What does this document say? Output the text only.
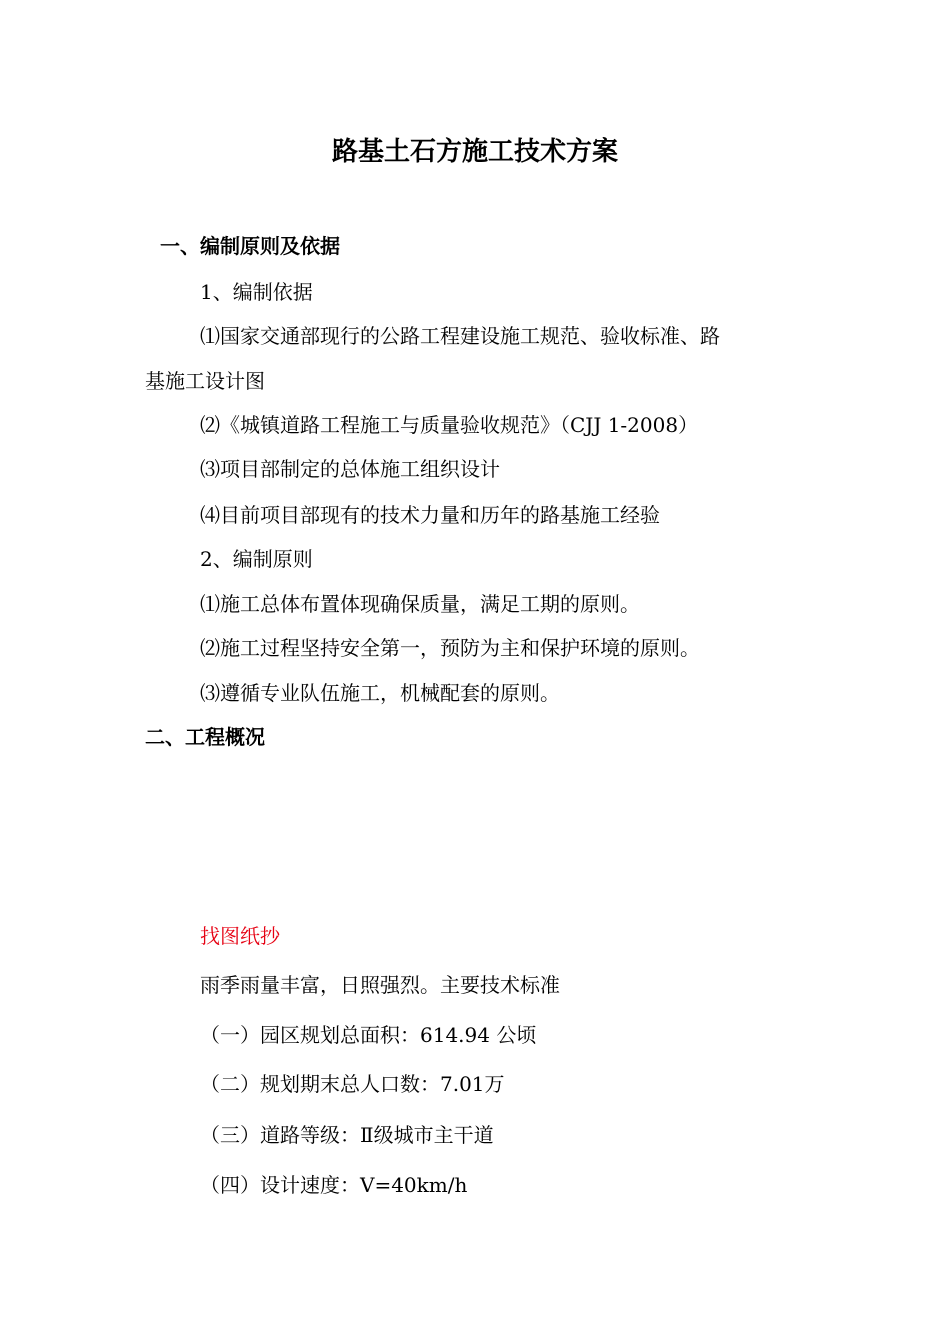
路基土石方施工技术方案
一、编制原则及依据
1、编制依据
⑴国家交通部现行的公路工程建设施工规范、验收标准、路
基施工设计图
⑵《城镇道路工程施工与质量验收规范》（CJJ 1-2008）
⑶项目部制定的总体施工组织设计
⑷目前项目部现有的技术力量和历年的路基施工经验
2、编制原则
⑴施工总体布置体现确保质量，满足工期的原则。
⑵施工过程坚持安全第一，预防为主和保护环境的原则。
⑶遵循专业队伍施工，机械配套的原则。
二、工程概况
找图纸抄
雨季雨量丰富，日照强烈。主要技术标准
（一）园区规划总面积：614.94 公顷
（二）规划期末总人口数：7.01万
（三）道路等级：Ⅱ级城市主干道
（四）设计速度：V=40km/h
